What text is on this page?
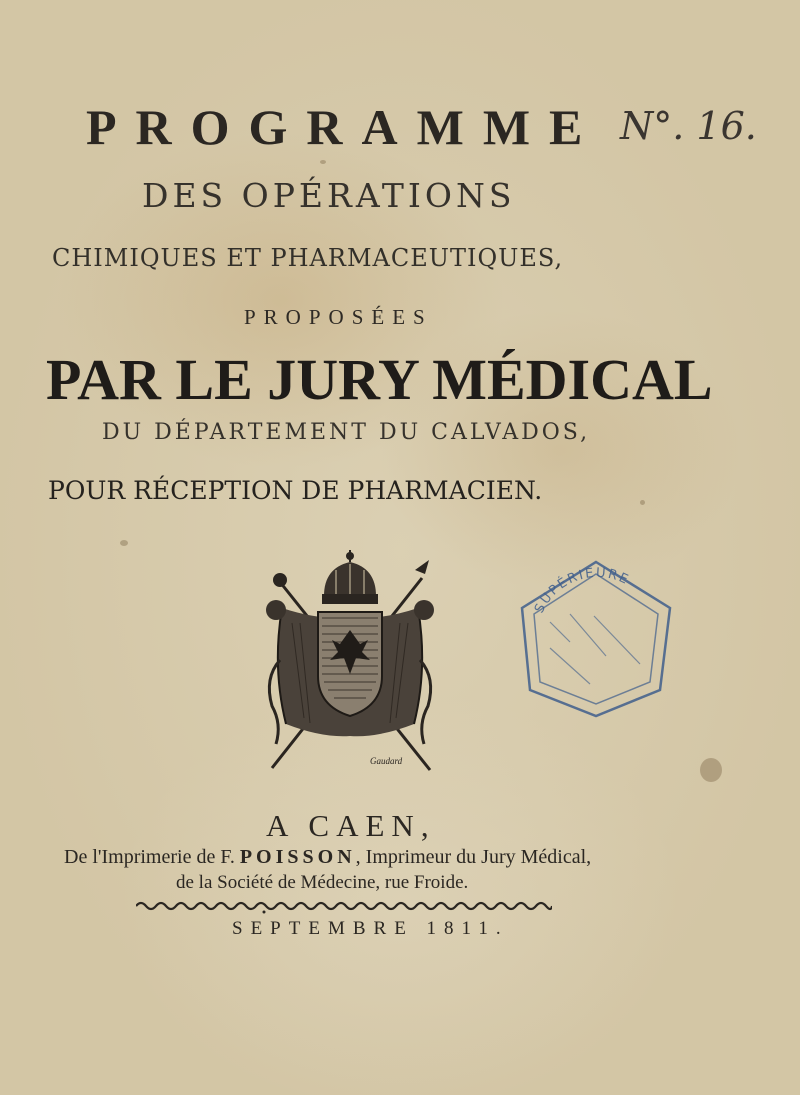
PROGRAMME N°. 16.
DES OPÉRATIONS
CHIMIQUES ET PHARMACEUTIQUES,
PROPOSÉES
PAR LE JURY MÉDICAL
DU DÉPARTEMENT DU CALVADOS,
POUR RÉCEPTION DE PHARMACIEN.
Gaudard
SUPÉRIEURE
A CAEN,
De l'Imprimerie de F. POISSON, Imprimeur du Jury Médical,
de la Société de Médecine, rue Froide.
SEPTEMBRE 1811.
